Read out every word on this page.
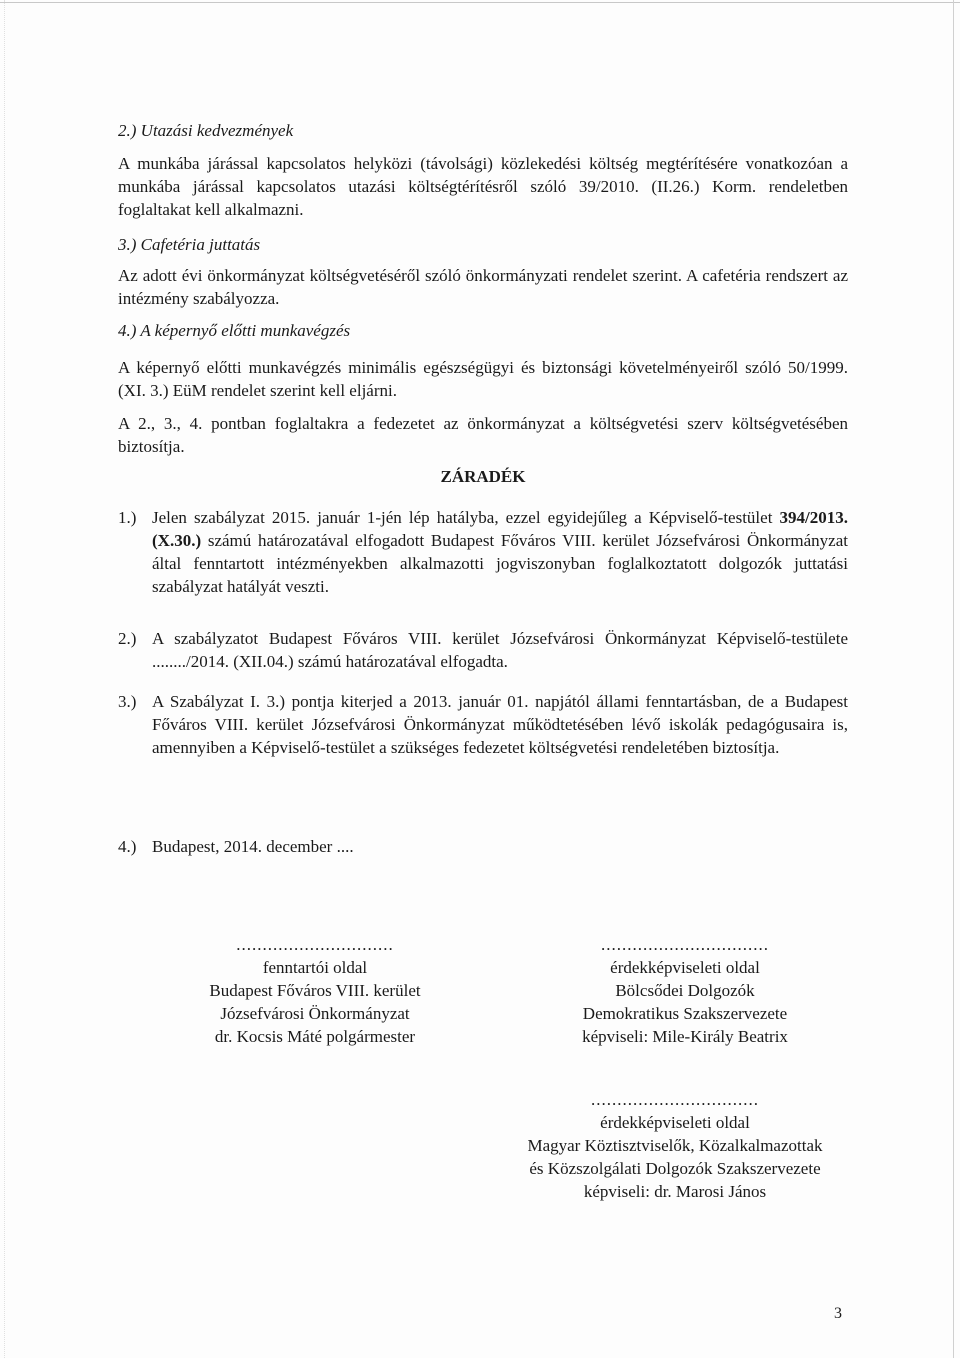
2.) Utazási kedvezmények
A munkába járással kapcsolatos helyközi (távolsági) közlekedési költség megtérítésére vonatkozóan a munkába járással kapcsolatos utazási költségtérítésről szóló 39/2010. (II.26.) Korm. rendeletben foglaltakat kell alkalmazni.
3.) Cafetéria juttatás
Az adott évi önkormányzat költségvetéséről szóló önkormányzati rendelet szerint. A cafetéria rendszert az intézmény szabályozza.
4.) A képernyő előtti munkavégzés
A képernyő előtti munkavégzés minimális egészségügyi és biztonsági követelményeiről szóló 50/1999. (XI. 3.) EüM rendelet szerint kell eljárni.
A 2., 3., 4. pontban foglaltakra a fedezetet az önkormányzat a költségvetési szerv költségvetésében biztosítja.
ZÁRADÉK
1.) Jelen szabályzat 2015. január 1-jén lép hatályba, ezzel egyidejűleg a Képviselő-testület 394/2013. (X.30.) számú határozatával elfogadott Budapest Főváros VIII. kerület Józsefvárosi Önkormányzat által fenntartott intézményekben alkalmazotti jogviszonyban foglalkoztatott dolgozók juttatási szabályzat hatályát veszti.
2.) A szabályzatot Budapest Főváros VIII. kerület Józsefvárosi Önkormányzat Képviselő-testülete ......../2014. (XII.04.) számú határozatával elfogadta.
3.) A Szabályzat I. 3.) pontja kiterjed a 2013. január 01. napjától állami fenntartásban, de a Budapest Főváros VIII. kerület Józsefvárosi Önkormányzat működtetésében lévő iskolák pedagógusaira is, amennyiben a Képviselő-testület a szükséges fedezetet költségvetési rendeletében biztosítja.
4.) Budapest, 2014. december ....
..............................
fenntartói oldal
Budapest Főváros VIII. kerület
Józsefvárosi Önkormányzat
dr. Kocsis Máté polgármester
................................
érdekképviseleti oldal
Bölcsődei Dolgozók
Demokratikus Szakszervezete
képviseli: Mile-Király Beatrix
................................
érdekképviseleti oldal
Magyar Köztisztviselők, Közalkalmazottak
és Közszolgálati Dolgozók Szakszervezete
képviseli: dr. Marosi János
3
